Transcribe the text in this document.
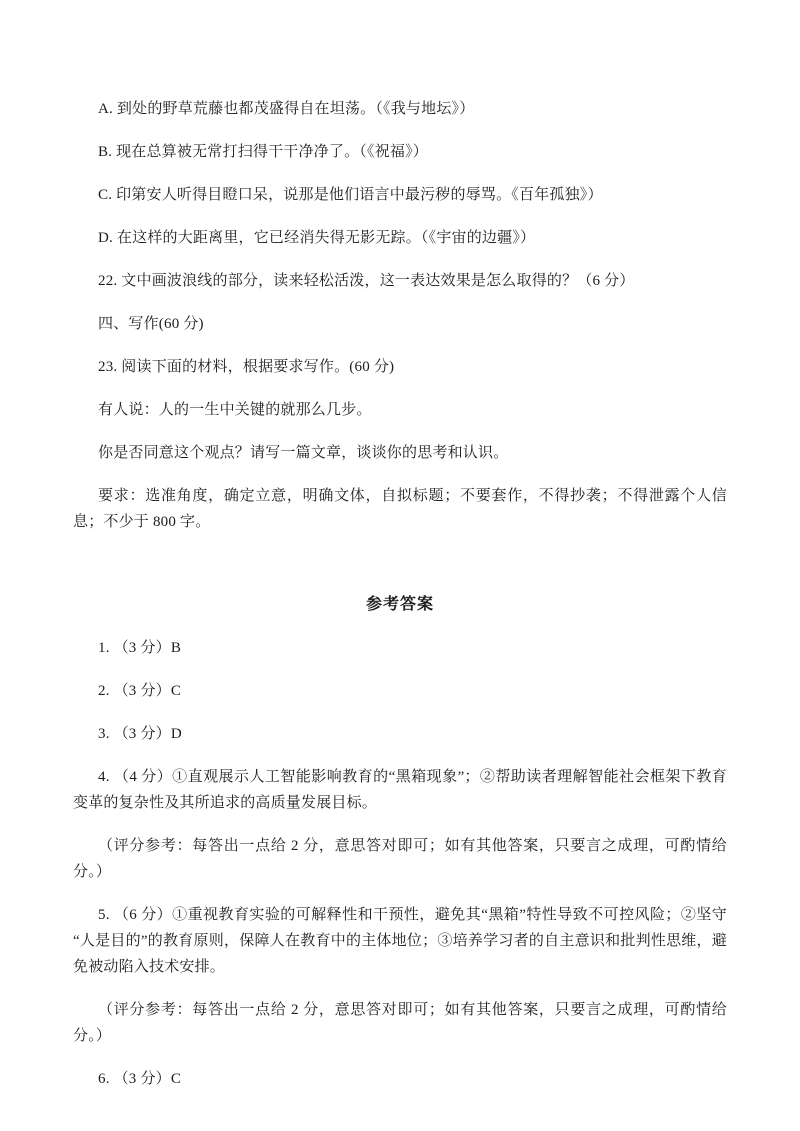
A. 到处的野草荒藤也都茂盛得自在坦荡。（《我与地坛》）

B. 现在总算被无常打扫得干干净净了。（《祝福》）

C. 印第安人听得目瞪口呆，说那是他们语言中最污秽的辱骂。《百年孤独》）

D. 在这样的大距离里，它已经消失得无影无踪。（《宇宙的边疆》）

22. 文中画波浪线的部分，读来轻松活泼，这一表达效果是怎么取得的？（6 分）

四、写作(60 分)

23. 阅读下面的材料，根据要求写作。(60 分)

有人说：人的一生中关键的就那么几步。

你是否同意这个观点？请写一篇文章，谈谈你的思考和认识。

要求：选准角度，确定立意，明确文体，自拟标题；不要套作，不得抄袭；不得泄露个人信息；不少于 800 字。

参考答案

1. （3 分）B

2. （3 分）C

3. （3 分）D

4. （4 分）①直观展示人工智能影响教育的“黑箱现象”；②帮助读者理解智能社会框架下教育变革的复杂性及其所追求的高质量发展目标。

（评分参考：每答出一点给 2 分，意思答对即可；如有其他答案，只要言之成理，可酌情给分。）

5. （6 分）①重视教育实验的可解释性和干预性，避免其“黑箱”特性导致不可控风险；②坚守“人是目的”的教育原则，保障人在教育中的主体地位；③培养学习者的自主意识和批判性思维，避免被动陷入技术安排。

（评分参考：每答出一点给 2 分，意思答对即可；如有其他答案，只要言之成理，可酌情给分。）

6. （3 分）C
